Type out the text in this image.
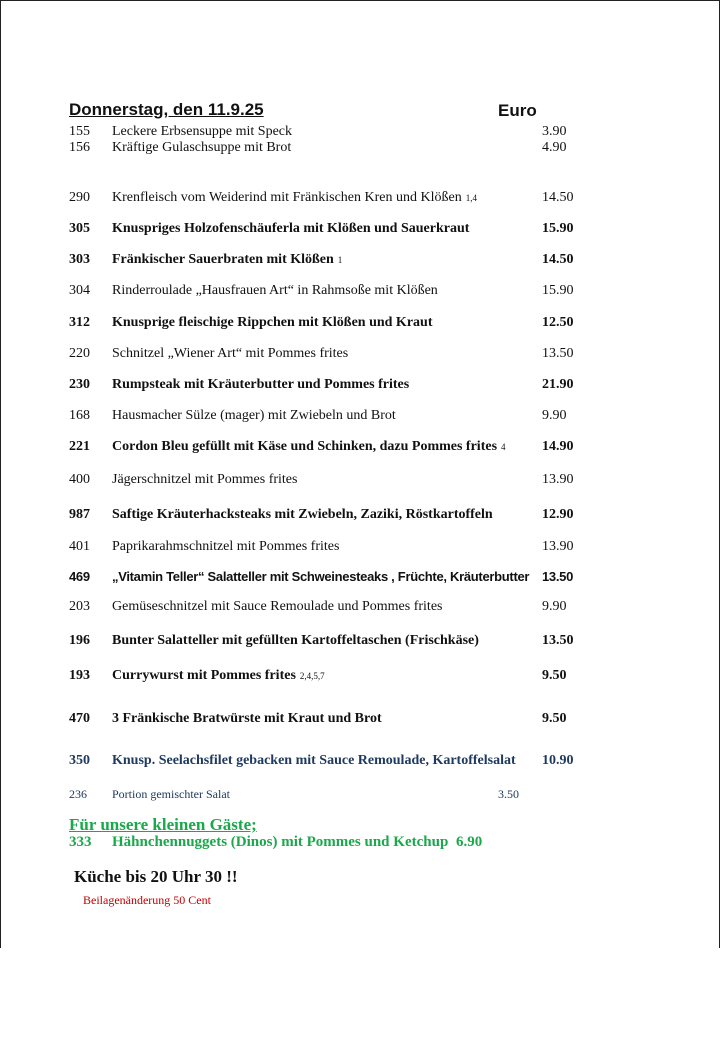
Donnerstag, den 11.9.25	Euro
155 Leckere Erbsensuppe mit Speck	3.90
156 Kräftige Gulaschsuppe mit Brot	4.90
290 Krenfleisch vom Weiderind mit Fränkischen Kren und Klößen 1,4	14.50
305 Knuspriges Holzofenschäuferla mit Klößen und Sauerkraut	15.90
303 Fränkischer Sauerbraten mit Klößen 1	14.50
304 Rinderroulade „Hausfrauen Art“ in Rahmsoße mit Klößen	15.90
312 Knusprige fleischige Rippchen mit Klößen und Kraut	12.50
220 Schnitzel „Wiener Art“ mit Pommes frites	13.50
230 Rumpsteak mit Kräuterbutter und Pommes frites	21.90
168 Hausmacher Sülze (mager) mit Zwiebeln und Brot	9.90
221 Cordon Bleu gefüllt mit Käse und Schinken, dazu Pommes frites 4	14.90
400 Jägerschnitzel mit Pommes frites	13.90
987 Saftige Kräuterhacksteaks mit Zwiebeln, Zaziki, Röstkartoffeln	12.90
401 Paprikarahmschnitzel mit Pommes frites	13.90
469 „Vitamin Teller“ Salatteller mit Schweinesteaks , Früchte, Kräuterbutter 13.50
203 Gemüseschnitzel mit Sauce Remoulade und Pommes frites	9.90
196 Bunter Salatteller mit gefüllten Kartoffeltaschen (Frischkäse)	13.50
193 Currywurst mit Pommes frites 2,4,5,7	9.50
470 3 Fränkische Bratwürste mit Kraut und Brot	9.50
350 Knusp. Seelachsfilet gebacken mit Sauce Remoulade, Kartoffelsalat 10.90
236 Portion gemischter Salat	3.50
Für unsere kleinen Gäste;
333 Hähnchennuggets (Dinos) mit Pommes und Ketchup 6.90
Küche bis 20 Uhr 30 !!
Beilagenänderung 50 Cent
